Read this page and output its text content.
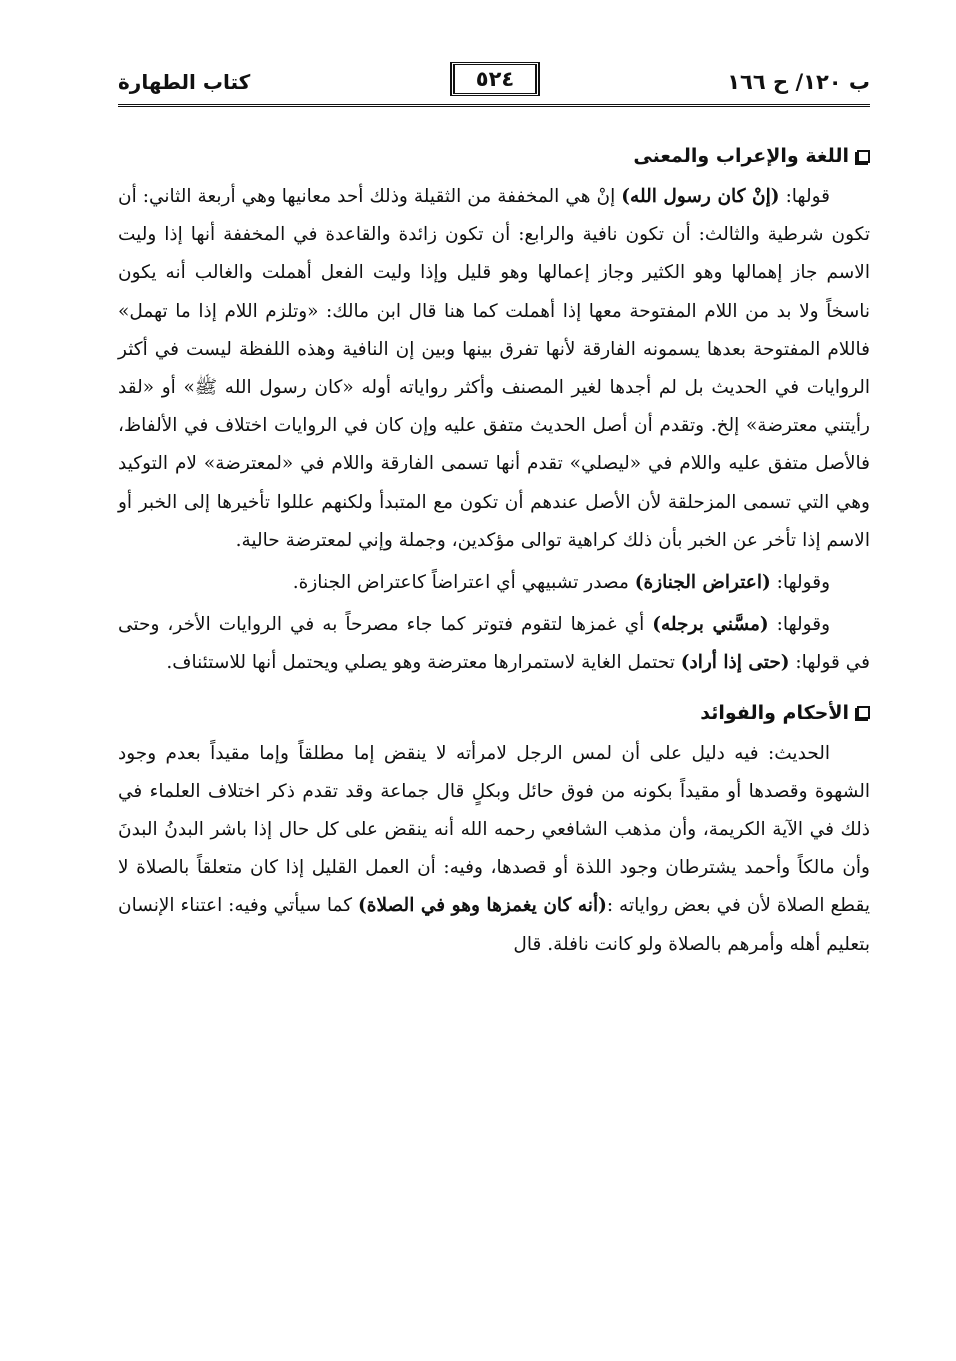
ب ١٢٠/ ح ١٦٦
٥٢٤
كتاب الطهارة
اللغة والإعراب والمعنى

قولها: (إنْ كان رسول الله) إنْ هي المخففة من الثقيلة وذلك أحد معانيها وهي أربعة الثاني: أن تكون شرطية والثالث: أن تكون نافية والرابع: أن تكون زائدة والقاعدة في المخففة أنها إذا وليت الاسم جاز إهمالها وهو الكثير وجاز إعمالها وهو قليل وإذا وليت الفعل أهملت والغالب أنه يكون ناسخاً ولا بد من اللام المفتوحة معها إذا أهملت كما هنا قال ابن مالك: «وتلزم اللام إذا ما تهمل» فاللام المفتوحة بعدها يسمونه الفارقة لأنها تفرق بينها وبين إن النافية وهذه اللفظة ليست في أكثر الروايات في الحديث بل لم أجدها لغير المصنف وأكثر رواياته أوله «كان رسول الله ﷺ» أو «لقد رأيتني معترضة» إلخ. وتقدم أن أصل الحديث متفق عليه وإن كان في الروايات اختلاف في الألفاظ، فالأصل متفق عليه واللام في «ليصلي» تقدم أنها تسمى الفارقة واللام في «لمعترضة» لام التوكيد وهي التي تسمى المزحلقة لأن الأصل عندهم أن تكون مع المتبدأ ولكنهم عللوا تأخيرها إلى الخبر أو الاسم إذا تأخر عن الخبر بأن ذلك كراهية توالى مؤكدين، وجملة وإني لمعترضة حالية.

وقولها: (اعتراض الجنازة) مصدر تشبيهي أي اعتراضاً كاعتراض الجنازة.

وقولها: (مسَّني برجله) أي غمزها لتقوم فتوتر كما جاء مصرحاً به في الروايات الأخر، وحتى في قولها: (حتى إذا أراد) تحتمل الغاية لاستمرارها معترضة وهو يصلي ويحتمل أنها للاستئناف.

الأحكام والفوائد

الحديث: فيه دليل على أن لمس الرجل لامرأته لا ينقض إما مطلقاً وإما مقيداً بعدم وجود الشهوة وقصدها أو مقيداً بكونه من فوق حائل وبكلٍ قال جماعة وقد تقدم ذكر اختلاف العلماء في ذلك في الآية الكريمة، وأن مذهب الشافعي رحمه الله أنه ينقض على كل حال إذا باشر البدنُ البدنَ وأن مالكاً وأحمد يشترطان وجود اللذة أو قصدها، وفيه: أن العمل القليل إذا كان متعلقاً بالصلاة لا يقطع الصلاة لأن في بعض رواياته :(أنه كان يغمزها وهو في الصلاة) كما سيأتي وفيه: اعتناء الإنسان بتعليم أهله وأمرهم بالصلاة ولو كانت نافلة. قال
